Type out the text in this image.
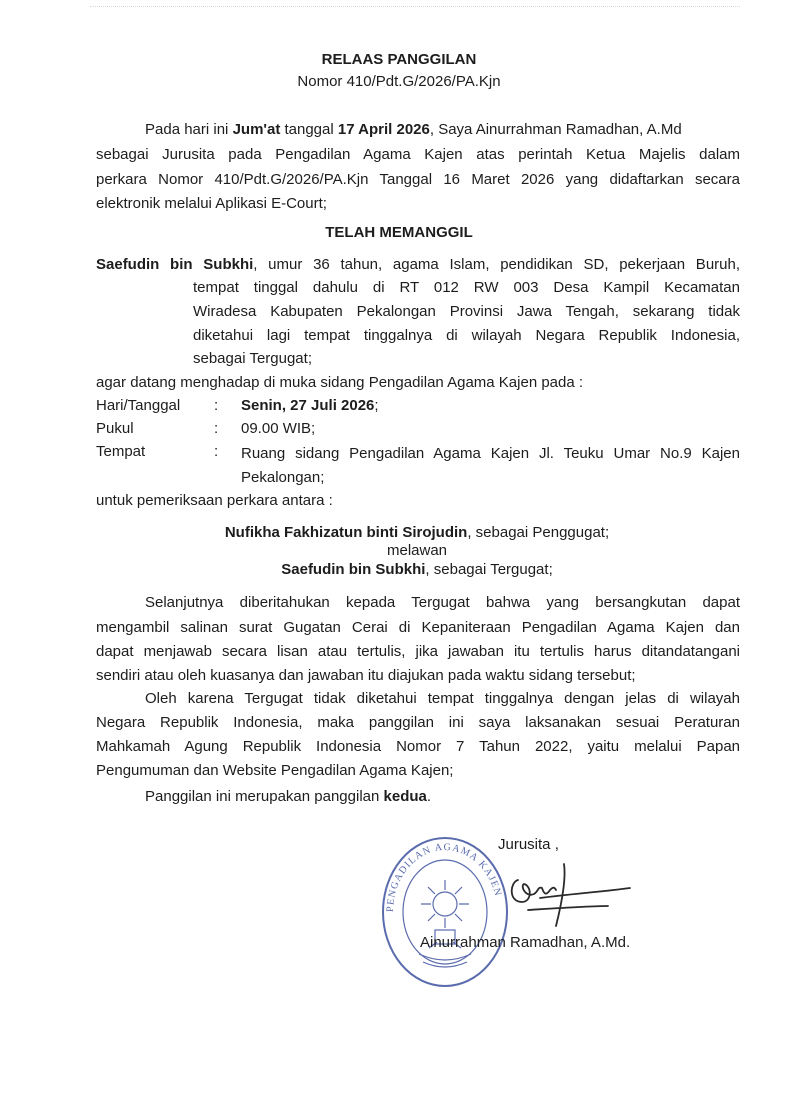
RELAAS PANGGILAN
Nomor 410/Pdt.G/2026/PA.Kjn
Pada hari ini Jum'at tanggal 17 April 2026, Saya Ainurrahman Ramadhan, A.Md
sebagai Jurusita pada Pengadilan Agama Kajen atas perintah Ketua Majelis dalam
perkara Nomor 410/Pdt.G/2026/PA.Kjn Tanggal 16 Maret 2026 yang didaftarkan secara
elektronik melalui Aplikasi E-Court;
TELAH MEMANGGIL
Saefudin bin Subkhi, umur 36 tahun, agama Islam, pendidikan SD, pekerjaan Buruh,
tempat tinggal dahulu di RT 012 RW 003 Desa Kampil Kecamatan
Wiradesa Kabupaten Pekalongan Provinsi Jawa Tengah, sekarang tidak
diketahui lagi tempat tinggalnya di wilayah Negara Republik Indonesia,
sebagai Tergugat;
agar datang menghadap di muka sidang Pengadilan Agama Kajen pada :
Hari/Tanggal : Senin, 27 Juli 2026;
Pukul	: 09.00 WIB;
Tempat	: Ruang sidang Pengadilan Agama Kajen Jl. Teuku Umar No.9 Kajen
Pekalongan;
untuk pemeriksaan perkara antara :
Nufikha Fakhizatun binti Sirojudin, sebagai Penggugat;
melawan
Saefudin bin Subkhi, sebagai Tergugat;
Selanjutnya diberitahukan kepada Tergugat bahwa yang bersangkutan dapat
mengambil salinan surat Gugatan Cerai di Kepaniteraan Pengadilan Agama Kajen dan
dapat menjawab secara lisan atau tertulis, jika jawaban itu tertulis harus ditandatangani
sendiri atau oleh kuasanya dan jawaban itu diajukan pada waktu sidang tersebut;
Oleh karena Tergugat tidak diketahui tempat tinggalnya dengan jelas di wilayah
Negara Republik Indonesia, maka panggilan ini saya laksanakan sesuai Peraturan
Mahkamah Agung Republik Indonesia Nomor 7 Tahun 2022, yaitu melalui Papan
Pengumuman dan Website Pengadilan Agama Kajen;
Panggilan ini merupakan panggilan kedua.
Jurusita ,
PENGADILAN AGAMA KAJEN
Ainurrahman Ramadhan, A.Md.
